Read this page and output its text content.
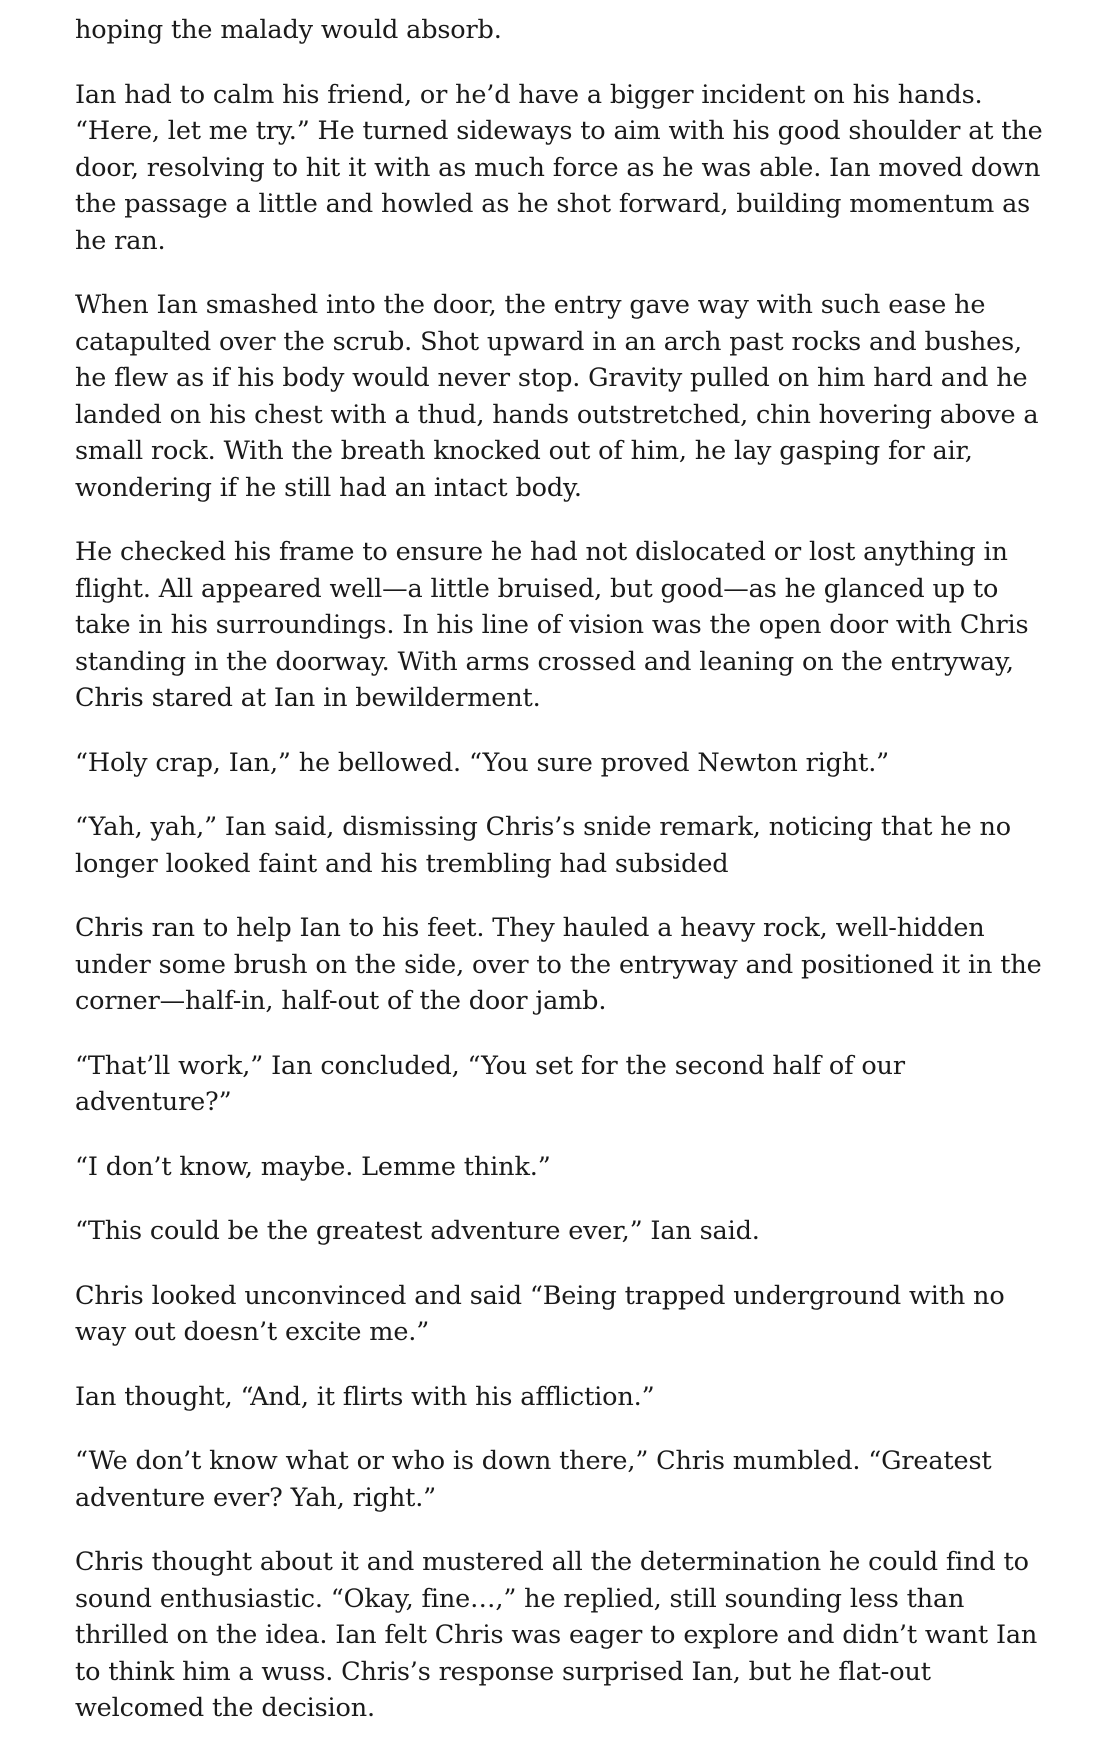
hoping the malady would absorb.

Ian had to calm his friend, or he’d have a bigger incident on his hands. “Here, let me try.” He turned sideways to aim with his good shoulder at the door, resolving to hit it with as much force as he was able. Ian moved down the passage a little and howled as he shot forward, building momentum as he ran.

When Ian smashed into the door, the entry gave way with such ease he catapulted over the scrub. Shot upward in an arch past rocks and bushes, he flew as if his body would never stop. Gravity pulled on him hard and he landed on his chest with a thud, hands outstretched, chin hovering above a small rock. With the breath knocked out of him, he lay gasping for air, wondering if he still had an intact body.

He checked his frame to ensure he had not dislocated or lost anything in flight. All appeared well—a little bruised, but good—as he glanced up to take in his surroundings. In his line of vision was the open door with Chris standing in the doorway. With arms crossed and leaning on the entryway, Chris stared at Ian in bewilderment.

“Holy crap, Ian,” he bellowed. “You sure proved Newton right.”

“Yah, yah,” Ian said, dismissing Chris’s snide remark, noticing that he no longer looked faint and his trembling had subsided

Chris ran to help Ian to his feet. They hauled a heavy rock, well-hidden under some brush on the side, over to the entryway and positioned it in the corner—half-in, half-out of the door jamb.

“That’ll work,” Ian concluded, “You set for the second half of our adventure?”

“I don’t know, maybe. Lemme think.”

“This could be the greatest adventure ever,” Ian said.

Chris looked unconvinced and said “Being trapped underground with no way out doesn’t excite me.”

Ian thought, “And, it flirts with his affliction.”

“We don’t know what or who is down there,” Chris mumbled. “Greatest adventure ever? Yah, right.”

Chris thought about it and mustered all the determination he could find to sound enthusiastic. “Okay, fine…,” he replied, still sounding less than thrilled on the idea. Ian felt Chris was eager to explore and didn’t want Ian to think him a wuss. Chris’s response surprised Ian, but he flat-out welcomed the decision.
